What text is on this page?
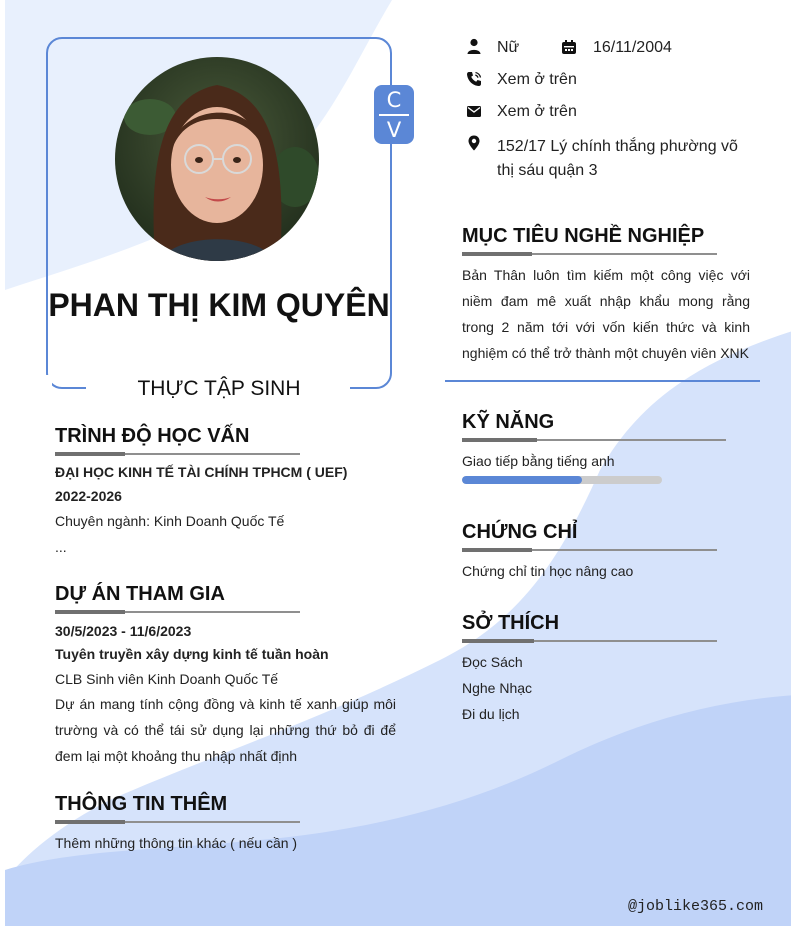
C
V
PHAN THỊ KIM QUYÊN
THỰC TẬP SINH
TRÌNH ĐỘ HỌC VẤN
ĐẠI HỌC KINH TẾ TÀI CHÍNH TPHCM ( UEF)
2022-2026
Chuyên ngành: Kinh Doanh Quốc Tế
...
DỰ ÁN THAM GIA
30/5/2023 - 11/6/2023
Tuyên truyền xây dựng kinh tế tuần hoàn
CLB Sinh viên Kinh Doanh Quốc Tế
Dự án mang tính cộng đồng và kinh tế xanh giúp môi trường và có thể tái sử dụng lại những thứ bỏ đi để đem lại một khoảng thu nhập nhất định
THÔNG TIN THÊM
Thêm những thông tin khác ( nếu cần )
Nữ	16/11/2004
Xem ở trên
Xem ở trên
152/17 Lý chính thắng phường võ thị sáu quận 3
MỤC TIÊU NGHỀ NGHIỆP
Bản Thân luôn tìm kiếm một công việc với niềm đam mê xuất nhập khẩu mong rằng trong 2 năm tới với vốn kiến thức và kinh nghiệm có thể trở thành một chuyên viên XNK
KỸ NĂNG
Giao tiếp bằng tiếng anh
CHỨNG CHỈ
Chứng chỉ tin học nâng cao
SỞ THÍCH
Đọc Sách
Nghe Nhạc
Đi du lịch
@joblike365.com
